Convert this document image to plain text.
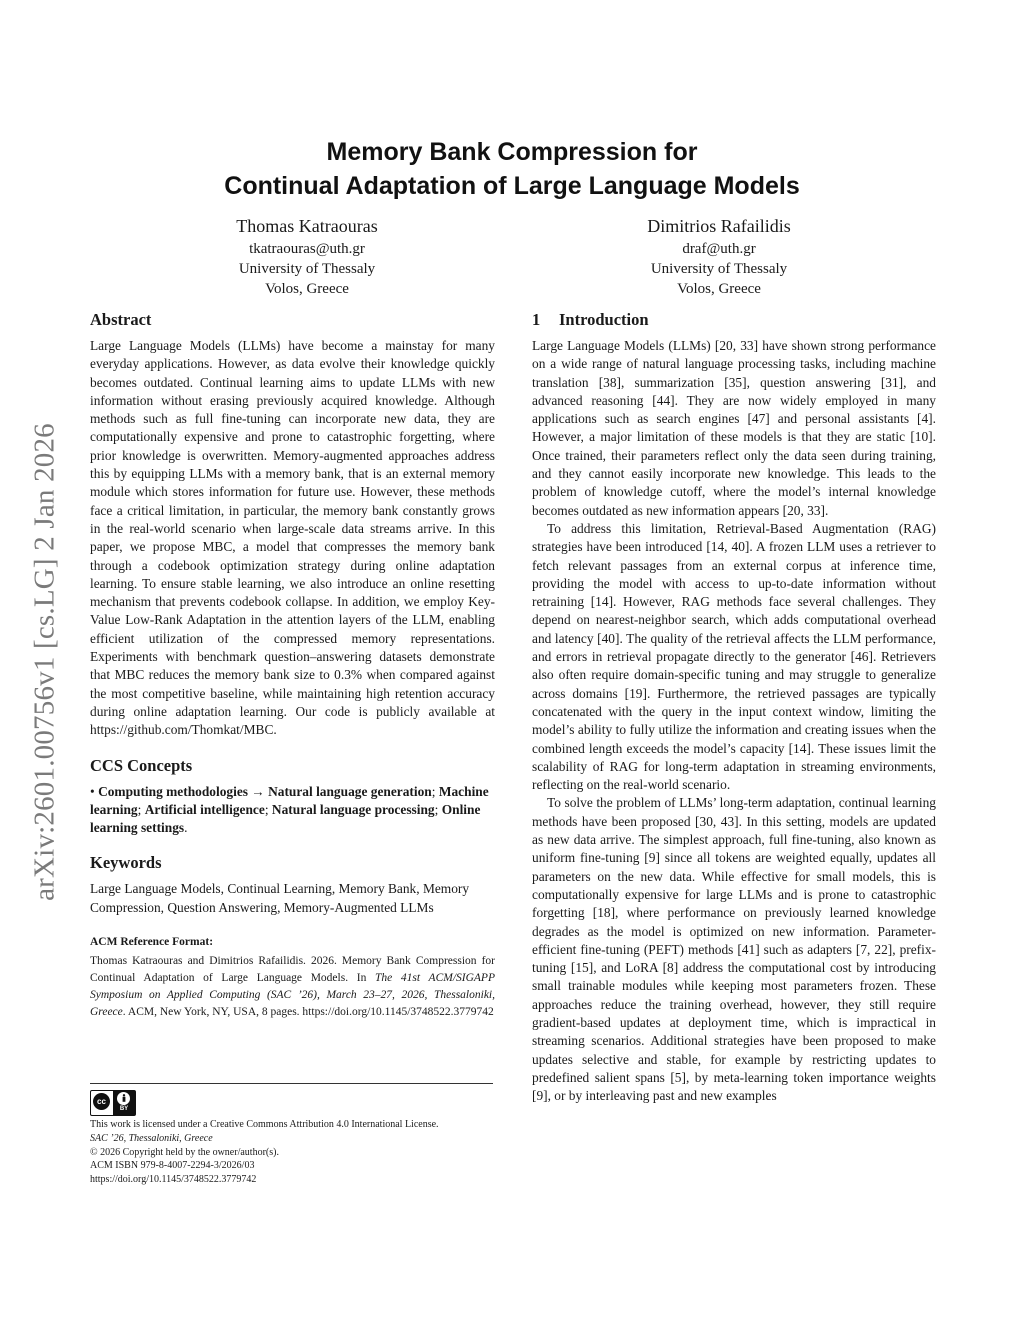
arXiv:2601.00756v1 [cs.LG] 2 Jan 2026
Memory Bank Compression for
Continual Adaptation of Large Language Models
Thomas Katraouras
tkatraouras@uth.gr
University of Thessaly
Volos, Greece
Dimitrios Rafailidis
draf@uth.gr
University of Thessaly
Volos, Greece
Abstract

Large Language Models (LLMs) have become a mainstay for many everyday applications. However, as data evolve their knowledge quickly becomes outdated. Continual learning aims to update LLMs with new information without erasing previously acquired knowledge. Although methods such as full fine-tuning can incorporate new data, they are computationally expensive and prone to catastrophic forgetting, where prior knowledge is overwritten. Memory-augmented approaches address this by equipping LLMs with a memory bank, that is an external memory module which stores information for future use. However, these methods face a critical limitation, in particular, the memory bank constantly grows in the real-world scenario when large-scale data streams arrive. In this paper, we propose MBC, a model that compresses the memory bank through a codebook optimization strategy during online adaptation learning. To ensure stable learning, we also introduce an online resetting mechanism that prevents codebook collapse. In addition, we employ Key-Value Low-Rank Adaptation in the attention layers of the LLM, enabling efficient utilization of the compressed memory representations. Experiments with benchmark question–answering datasets demonstrate that MBC reduces the memory bank size to 0.3% when compared against the most competitive baseline, while maintaining high retention accuracy during online adaptation learning. Our code is publicly available at https://github.com/Thomkat/MBC.

CCS Concepts
• Computing methodologies → Natural language generation; Machine learning; Artificial intelligence; Natural language processing; Online learning settings.
Keywords

Large Language Models, Continual Learning, Memory Bank, Memory Compression, Question Answering, Memory-Augmented LLMs

ACM Reference Format:
Thomas Katraouras and Dimitrios Rafailidis. 2026. Memory Bank Compression for Continual Adaptation of Large Language Models. In The 41st ACM/SIGAPP Symposium on Applied Computing (SAC ’26), March 23–27, 2026, Thessaloniki, Greece. ACM, New York, NY, USA, 8 pages. https://doi.org/10.1145/3748522.3779742
cc
BY
This work is licensed under a Creative Commons Attribution 4.0 International License.
SAC ’26, Thessaloniki, Greece
© 2026 Copyright held by the owner/author(s).
ACM ISBN 979-8-4007-2294-3/2026/03
https://doi.org/10.1145/3748522.3779742
1 Introduction

Large Language Models (LLMs) [20, 33] have shown strong performance on a wide range of natural language processing tasks, including machine translation [38], summarization [35], question answering [31], and advanced reasoning [44]. They are now widely employed in many applications such as search engines [47] and personal assistants [4]. However, a major limitation of these models is that they are static [10]. Once trained, their parameters reflect only the data seen during training, and they cannot easily incorporate new knowledge. This leads to the problem of knowledge cutoff, where the model’s internal knowledge becomes outdated as new information appears [20, 33].

To address this limitation, Retrieval-Based Augmentation (RAG) strategies have been introduced [14, 40]. A frozen LLM uses a retriever to fetch relevant passages from an external corpus at inference time, providing the model with access to up-to-date information without retraining [14]. However, RAG methods face several challenges. They depend on nearest-neighbor search, which adds computational overhead and latency [40]. The quality of the retrieval affects the LLM performance, and errors in retrieval propagate directly to the generator [46]. Retrievers also often require domain-specific tuning and may struggle to generalize across domains [19]. Furthermore, the retrieved passages are typically concatenated with the query in the input context window, limiting the model’s ability to fully utilize the information and creating issues when the combined length exceeds the model’s capacity [14]. These issues limit the scalability of RAG for long-term adaptation in streaming environments, reflecting on the real-world scenario.

To solve the problem of LLMs’ long-term adaptation, continual learning methods have been proposed [30, 43]. In this setting, models are updated as new data arrive. The simplest approach, full fine-tuning, also known as uniform fine-tuning [9] since all tokens are weighted equally, updates all parameters on the new data. While effective for small models, this is computationally expensive for large LLMs and is prone to catastrophic forgetting [18], where performance on previously learned knowledge degrades as the model is optimized on new information. Parameter-efficient fine-tuning (PEFT) methods [41] such as adapters [7, 22], prefix-tuning [15], and LoRA [8] address the computational cost by introducing small trainable modules while keeping most parameters frozen. These approaches reduce the training overhead, however, they still require gradient-based updates at deployment time, which is impractical in streaming scenarios. Additional strategies have been proposed to make updates selective and stable, for example by restricting updates to predefined salient spans [5], by meta-learning token importance weights [9], or by interleaving past and new examples
